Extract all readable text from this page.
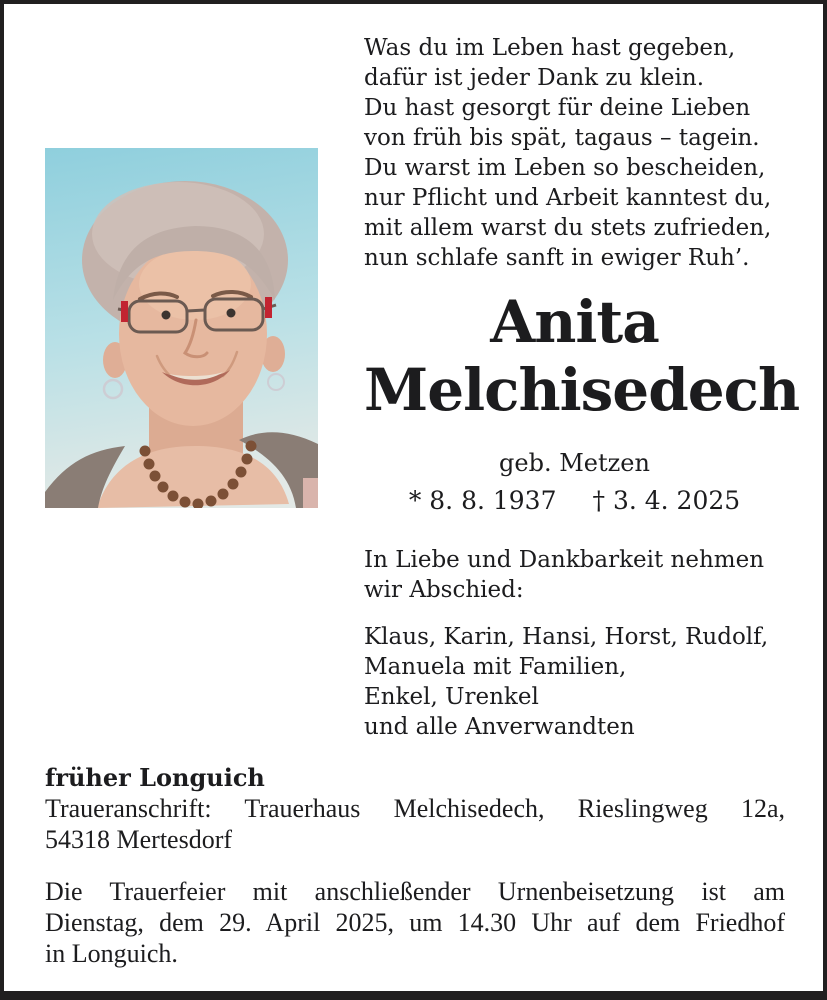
Was du im Leben hast gegeben,
dafür ist jeder Dank zu klein.
Du hast gesorgt für deine Lieben
von früh bis spät, tagaus – tagein.
Du warst im Leben so bescheiden,
nur Pflicht und Arbeit kanntest du,
mit allem warst du stets zufrieden,
nun schlafe sanft in ewiger Ruh’.
Anita
Melchisedech
geb. Metzen
* 8. 8. 1937 † 3. 4. 2025
In Liebe und Dankbarkeit nehmen
wir Abschied:
Klaus, Karin, Hansi, Horst, Rudolf,
Manuela mit Familien,
Enkel, Urenkel
und alle Anverwandten
früher Longuich
Traueranschrift: Trauerhaus Melchisedech, Rieslingweg 12a,
54318 Mertesdorf
Die Trauerfeier mit anschließender Urnenbeisetzung ist am
Dienstag, dem 29. April 2025, um 14.30 Uhr auf dem Friedhof
in Longuich.
